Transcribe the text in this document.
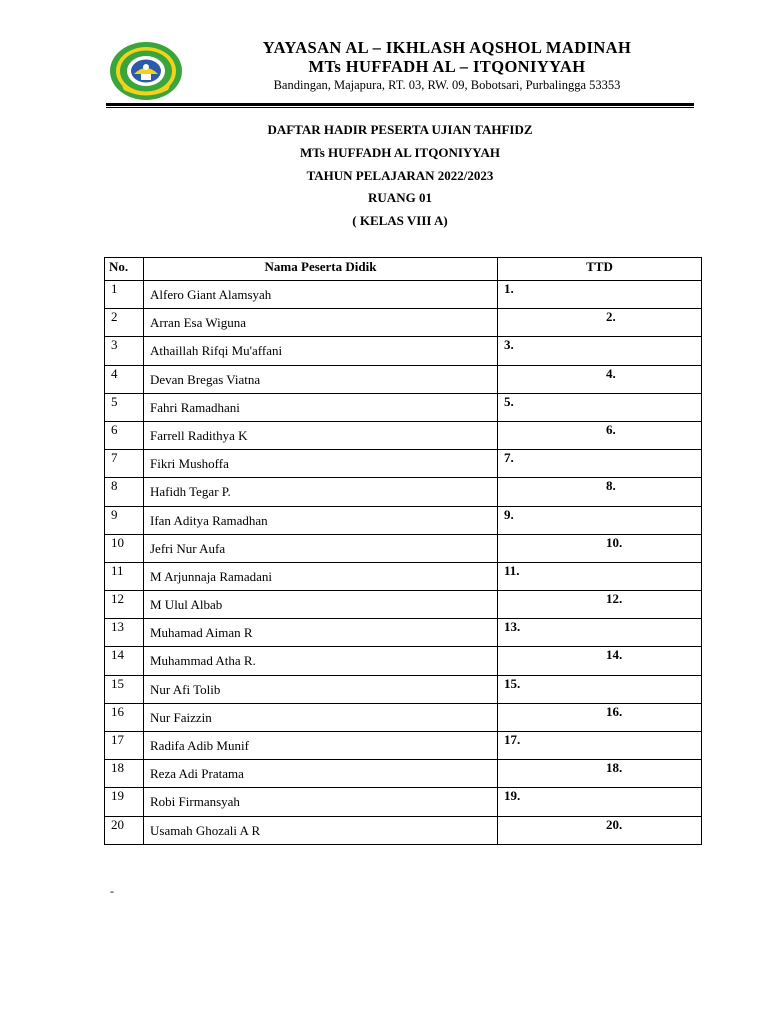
YAYASAN AL – IKHLASH AQSHOL MADINAH
MTs HUFFADH AL – ITQONIYYAH
Bandingan, Majapura, RT. 03, RW. 09, Bobotsari, Purbalingga 53353
DAFTAR HADIR PESERTA UJIAN TAHFIDZ
MTs HUFFADH AL ITQONIYYAH
TAHUN PELAJARAN 2022/2023
RUANG 01
( KELAS VIII A)
No.	Nama Peserta Didik	TTD
1	Alfero Giant Alamsyah	1.
2	Arran Esa Wiguna	2.
3	Athaillah Rifqi Mu'affani	3.
4	Devan Bregas Viatna	4.
5	Fahri Ramadhani	5.
6	Farrell Radithya K	6.
7	Fikri Mushoffa	7.
8	Hafidh Tegar P.	8.
9	Ifan Aditya Ramadhan	9.
10	Jefri Nur Aufa	10.
11	M Arjunnaja Ramadani	11.
12	M Ulul Albab	12.
13	Muhamad Aiman R	13.
14	Muhammad Atha R.	14.
15	Nur Afi Tolib	15.
16	Nur Faizzin	16.
17	Radifa Adib Munif	17.
18	Reza Adi Pratama	18.
19	Robi Firmansyah	19.
20	Usamah Ghozali A R	20.
-
